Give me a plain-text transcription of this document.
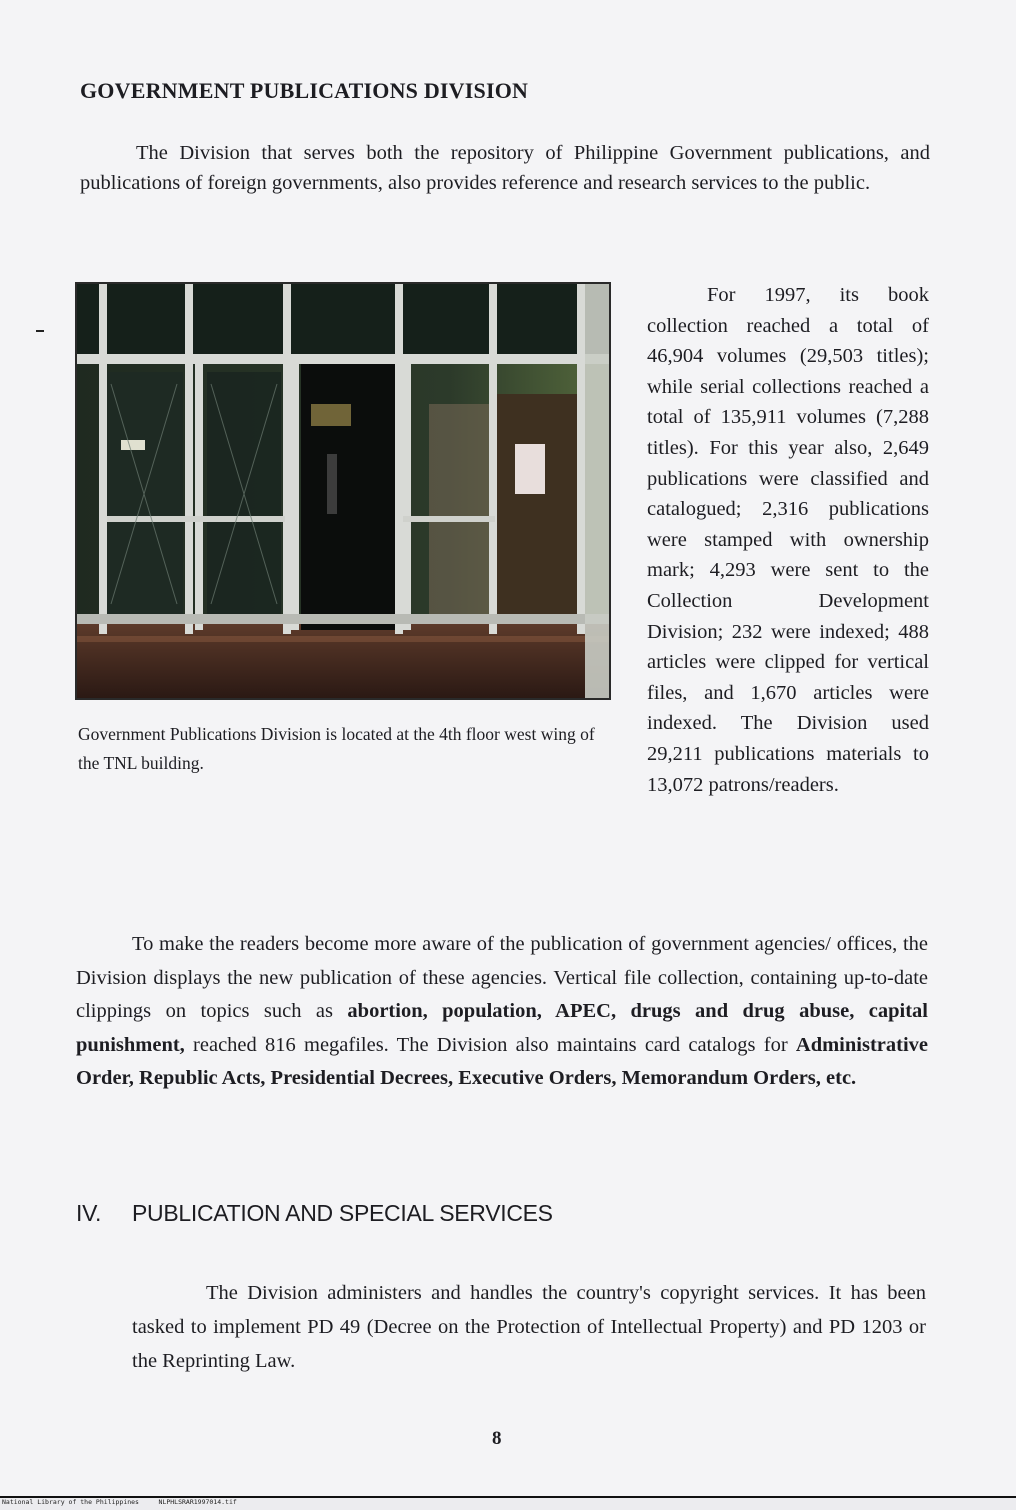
GOVERNMENT PUBLICATIONS DIVISION

The Division that serves both the repository of Philippine Government publications, and publications of foreign governments, also provides reference and research services to the public.

Government Publications Division is located at the 4th floor west wing of the TNL building.

For 1997, its book collection reached a total of 46,904 volumes (29,503 titles); while serial collections reached a total of 135,911 volumes (7,288 titles). For this year also, 2,649 publications were classified and catalogued; 2,316 publications were stamped with ownership mark; 4,293 were sent to the Collection Development Division; 232 were indexed; 488 articles were clipped for vertical files, and 1,670 articles were indexed. The Division used 29,211 publications materials to 13,072 patrons/readers.

To make the readers become more aware of the publication of government agencies/ offices, the Division displays the new publication of these agencies. Vertical file collection, containing up-to-date clippings on topics such as abortion, population, APEC, drugs and drug abuse, capital punishment, reached 816 megafiles. The Division also maintains card catalogs for Administrative Order, Republic Acts, Presidential Decrees, Executive Orders, Memorandum Orders, etc.

IV. PUBLICATION AND SPECIAL SERVICES

The Division administers and handles the country's copyright services. It has been tasked to implement PD 49 (Decree on the Protection of Intellectual Property) and PD 1203 or the Reprinting Law.

8

National Library of the Philippines     NLPHLSRAR1997014.tif
